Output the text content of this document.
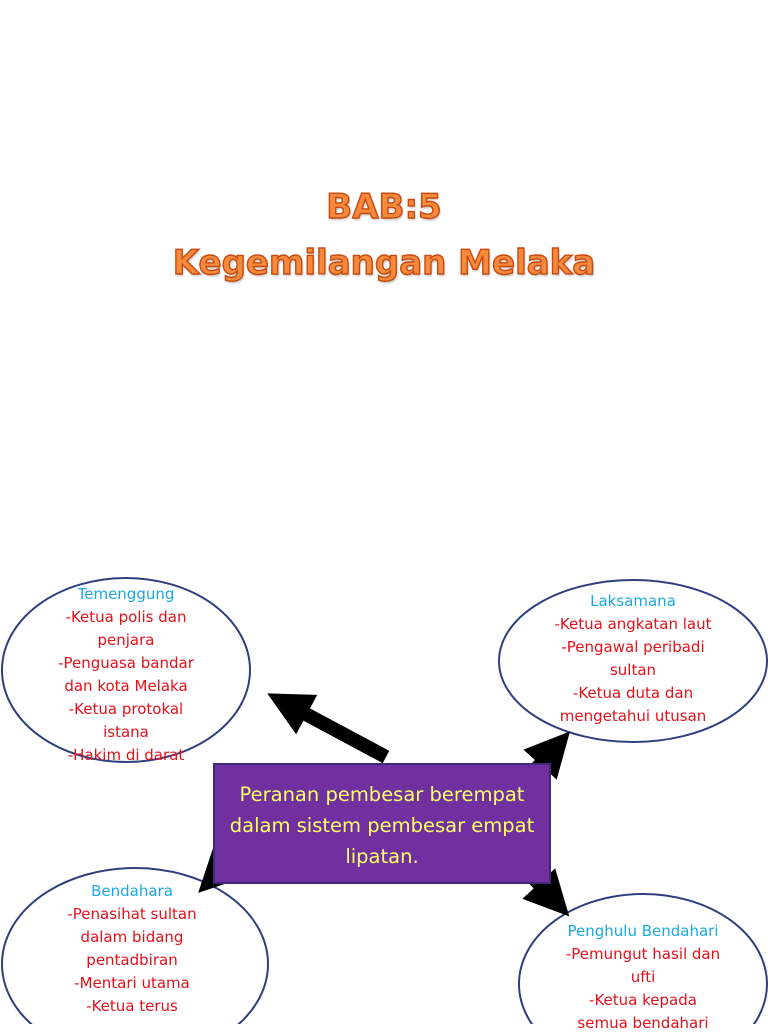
BAB:5
Kegemilangan Melaka
Temenggung
-Ketua polis dan
penjara
-Penguasa bandar
dan kota Melaka
-Ketua protokal
istana
-Hakim di darat
Laksamana
-Ketua angkatan laut
-Pengawal peribadi
sultan
-Ketua duta dan
mengetahui utusan
Bendahara
-Penasihat sultan
dalam bidang
pentadbiran
-Mentari utama
-Ketua terus
Penghulu Bendahari
-Pemungut hasil dan
ufti
-Ketua kepada
semua bendahari
Peranan pembesar berempat
dalam sistem pembesar empat
lipatan.
